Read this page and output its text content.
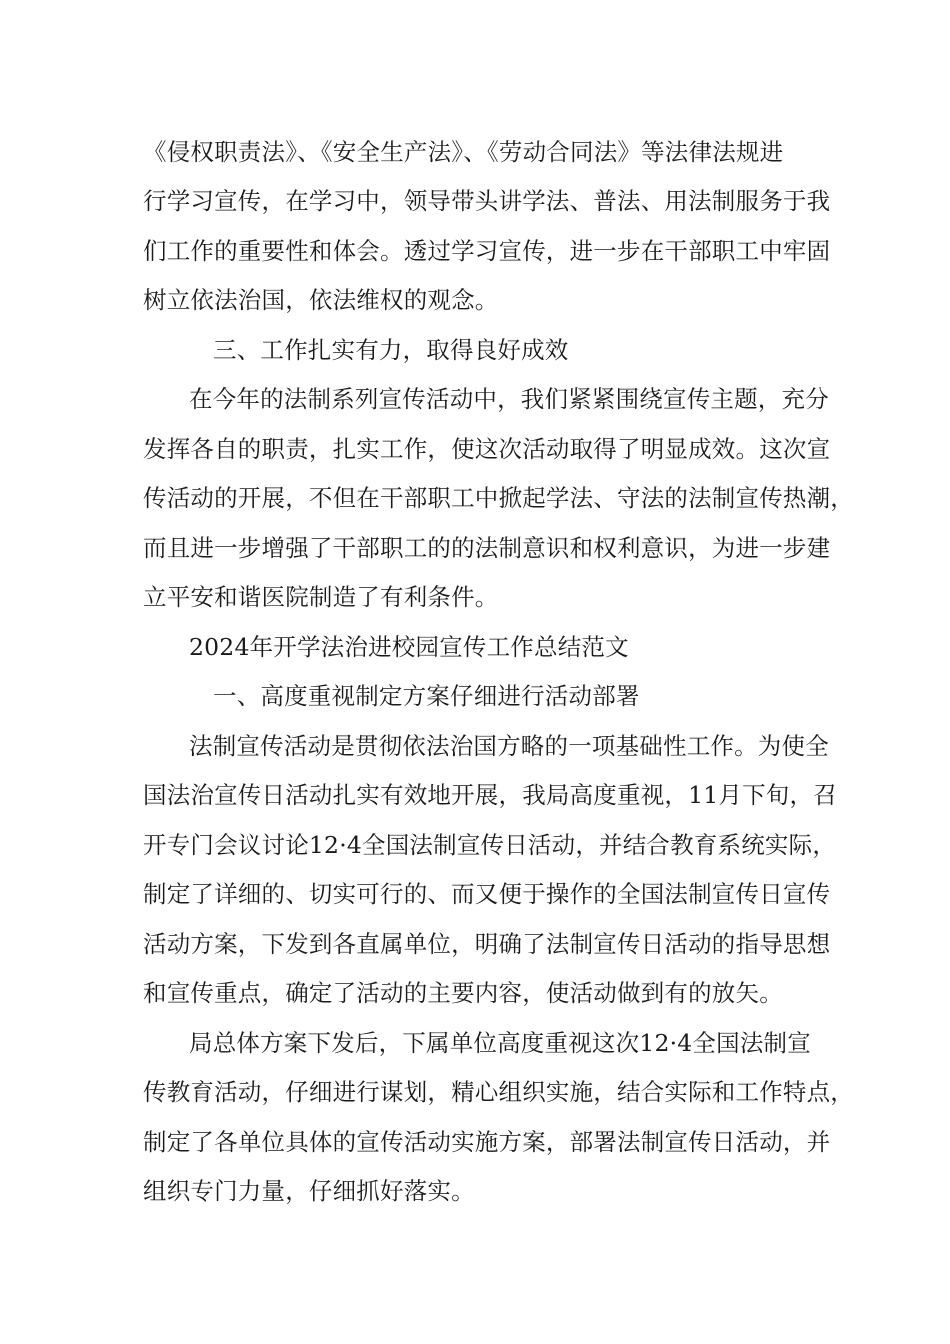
《侵权职责法》、《安全生产法》、《劳动合同法》等法律法规进
行学习宣传，在学习中，领导带头讲学法、普法、用法制服务于我
们工作的重要性和体会。透过学习宣传，进一步在干部职工中牢固
树立依法治国，依法维权的观念。
三、工作扎实有力，取得良好成效
在今年的法制系列宣传活动中，我们紧紧围绕宣传主题，充分
发挥各自的职责，扎实工作，使这次活动取得了明显成效。这次宣
传活动的开展，不但在干部职工中掀起学法、守法的法制宣传热潮，
而且进一步增强了干部职工的的法制意识和权利意识，为进一步建
立平安和谐医院制造了有利条件。
2024年开学法治进校园宣传工作总结范文
一、高度重视制定方案仔细进行活动部署
法制宣传活动是贯彻依法治国方略的一项基础性工作。为使全
国法治宣传日活动扎实有效地开展，我局高度重视，11月下旬，召
开专门会议讨论12·4全国法制宣传日活动，并结合教育系统实际，
制定了详细的、切实可行的、而又便于操作的全国法制宣传日宣传
活动方案，下发到各直属单位，明确了法制宣传日活动的指导思想
和宣传重点，确定了活动的主要内容，使活动做到有的放矢。
局总体方案下发后，下属单位高度重视这次12·4全国法制宣
传教育活动，仔细进行谋划，精心组织实施，结合实际和工作特点，
制定了各单位具体的宣传活动实施方案，部署法制宣传日活动，并
组织专门力量，仔细抓好落实。
